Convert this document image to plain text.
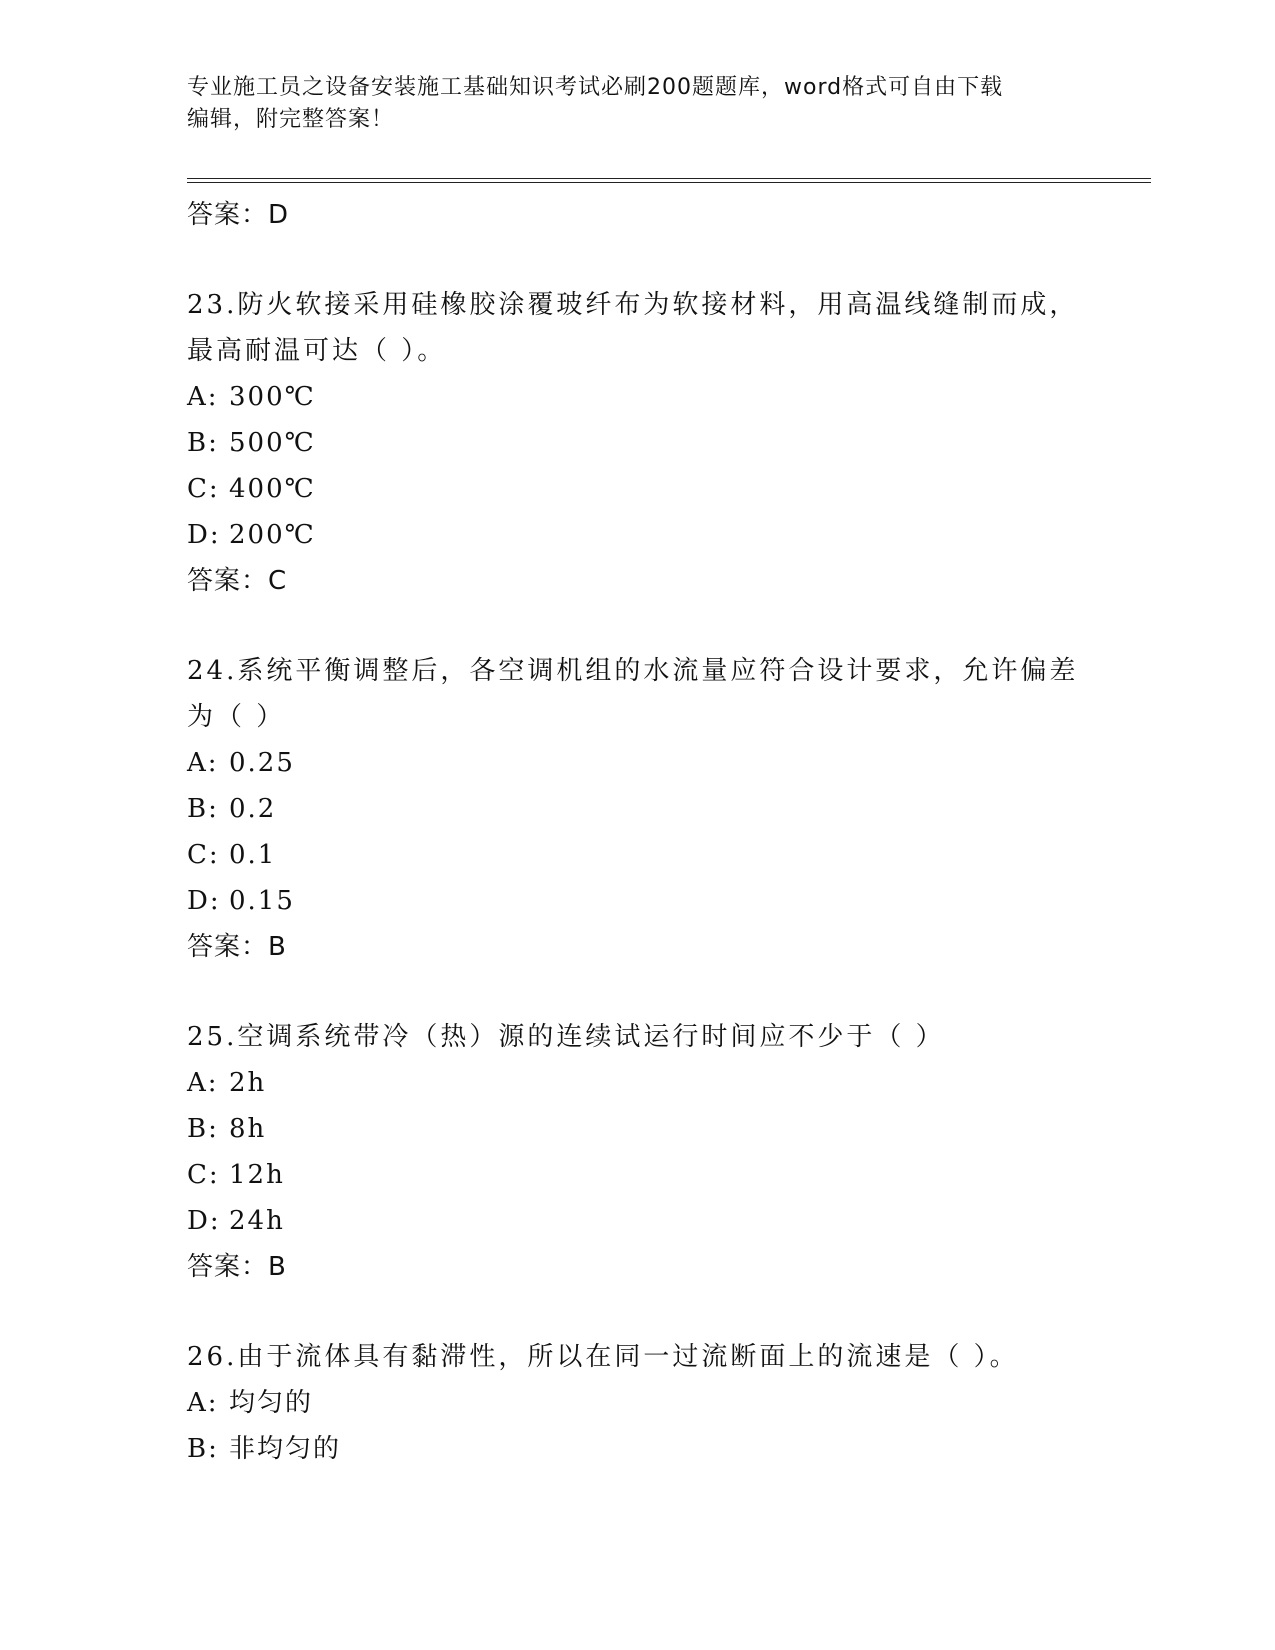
专业施工员之设备安装施工基础知识考试必刷200题题库，word格式可自由下载
编辑，附完整答案！
答案：D
23.防火软接采用硅橡胶涂覆玻纤布为软接材料，用高温线缝制而成，
最高耐温可达（ ）。
A: 300℃
B: 500℃
C: 400℃
D: 200℃
答案：C
24.系统平衡调整后，各空调机组的水流量应符合设计要求，允许偏差
为（ ）
A: 0.25
B: 0.2
C: 0.1
D: 0.15
答案：B
25.空调系统带冷（热）源的连续试运行时间应不少于（ ）
A: 2h
B: 8h
C: 12h
D: 24h
答案：B
26.由于流体具有黏滞性，所以在同一过流断面上的流速是（ ）。
A: 均匀的
B: 非均匀的
